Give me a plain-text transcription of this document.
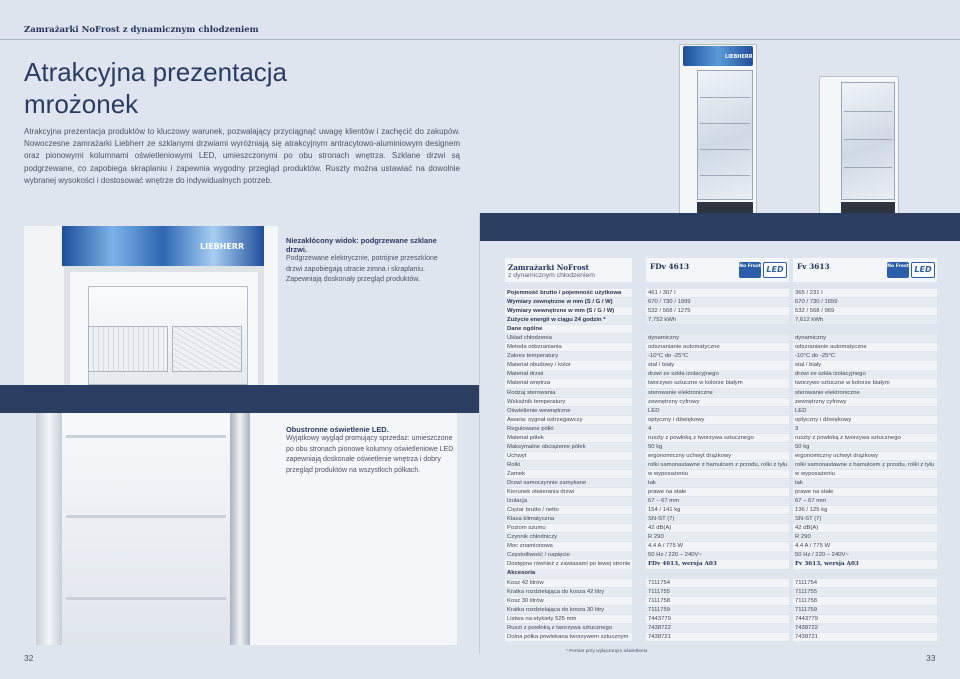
Zamrażarki NoFrost z dynamicznym chłodzeniem
Atrakcyjna prezentacja
mrożonek
Atrakcyjna prezentacja produktów to kluczowy warunek, pozwalający przyciągnąć uwagę klientów i zachęcić do zakupów. Nowoczesne zamrażarki Liebherr ze szklanymi drzwiami wyróżniają się atrakcyjnym antracytowo-aluminiowym designem oraz pionowymi kolumnami oświetleniowymi LED, umieszczonymi po obu stronach wnętrza. Szklane drzwi są podgrzewane, co zapobiega skraplaniu i zapewnia wygodny przegląd produktów. Ruszty można ustawiać na dowolnie wybranej wysokości i dostosować wnętrze do indywidualnych potrzeb.
LIEBHERR
LIEBHERR
Niezakłócony widok: podgrzewane szklane drzwi.
Podgrzewane elektrycznie, potrójnie przeszklone drzwi zapobiegają utracie zimna i skraplaniu. Zapewniają doskonały przegląd produktów.
Obustronne oświetlenie LED.
Wyjątkowy wygląd promujący sprzedaż: umieszczone po obu stronach pionowe kolumny oświetleniowe LED zapewniają doskonałe oświetlenie wnętrza i dobry przegląd produktów na wszystkich półkach.
Zamrażarki NoFrost
z dynamicznym chłodzeniem
FDv 4613	No Frost LED	Fv 3613	No Frost LED
Pojemność brutto / pojemność użytkowa	461 / 307 l	365 / 231 l
Wymiary zewnętrzne w mm (S / G / W)	670 / 730 / 1999	670 / 730 / 1659
Wymiary wewnętrzne w mm (S / G / W)	532 / 568 / 1275	532 / 568 / 969
Zużycie energii w ciągu 24 godzin *	7,752 kWh	7,612 kWh
Dane ogólne
Układ chłodzenia	dynamiczny	dynamiczny
Metoda odszraniania	odszranianie automatyczne	odszranianie automatyczne
Zakres temperatury	-10°C do -25°C	-10°C do -25°C
Materiał obudowy / kolor	stal / biały	stal / biały
Materiał drzwi	drzwi ze szkła izolacyjnego	drzwi ze szkła izolacyjnego
Materiał wnętrza	tworzywo sztuczne w kolorze białym	tworzywo sztuczne w kolorze białym
Rodzaj sterowania	sterowanie elektroniczne	sterowanie elektroniczne
Wskaźnik temperatury	zewnętrzny cyfrowy	zewnętrzny cyfrowy
Oświetlenie wewnętrzne	LED	LED
Awaria: sygnał ostrzegawczy	optyczny i dźwiękowy	optyczny i dźwiękowy
Regulowane półki	4	3
Materiał półek	ruszty z powłoką z tworzywa sztucznego	ruszty z powłoką z tworzywa sztucznego
Maksymalne obciążenie półek	50 kg	50 kg
Uchwyt	ergonomiczny uchwyt drążkowy	ergonomiczny uchwyt drążkowy
Rolki	rolki samonastawne z hamulcem z przodu, rolki z tyłu	rolki samonastawne z hamulcem z przodu, rolki z tyłu
Zamek	w wyposażeniu	w wyposażeniu
Drzwi samoczynnie zamykane	tak	tak
Kierunek otwierania drzwi	prawe na stałe	prawe na stałe
Izolacja	67 – 67 mm	67 – 67 mm
Ciężar brutto / netto	154 / 141 kg	136 / 125 kg
Klasa klimatyczna	SN-ST (7)	SN-ST (7)
Poziom szumu	42 dB(A)	42 dB(A)
Czynnik chłodniczy	R 290	R 290
Moc znamionowa	4.4 A / 775 W	4.4 A / 775 W
Częstotliwość / napięcie	50 Hz / 220 – 240V~	50 Hz / 220 – 240V~
Dostępne również z zawiasami po lewej stronie	FDv 4613, wersja A03	Fv 3613, wersja A03
Akcesoria
Kosz 42 litrów	7111754	7111754
Kratka rozdzielająca do kosza 42 litry	7111755	7111755
Kosz 30 litrów	7111758	7111758
Kratka rozdzielająca do kosza 30 litry	7111759	7111759
Listwa na etykiety 525 mm	7443779	7443779
Ruszt z powłoką z tworzywa sztucznego	7438722	7438722
Dolna półka powlekana tworzywem sztucznym	7438721	7438721
* Pomiar przy wyłączonym oświetleniu
32	33
